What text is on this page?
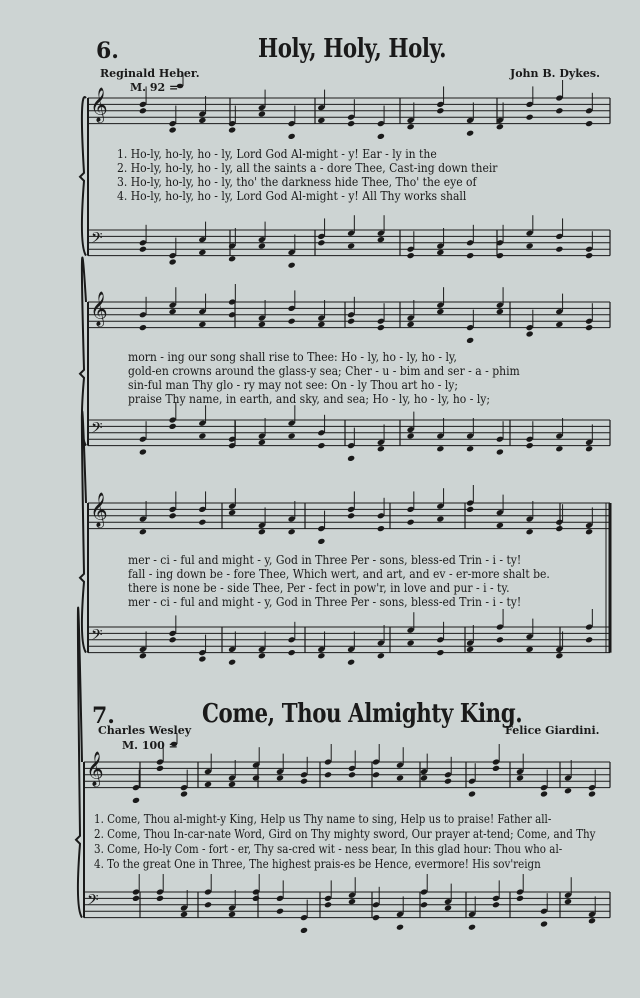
𝄞
𝄢
𝄞
𝄢
𝄞
𝄢
𝄞
𝄢
6.	Holy, Holy, Holy.
Reginald Heber.	John B. Dykes.
M. 92 =
1. Ho-ly, ho-ly, ho - ly, Lord God Al-might - y! Ear - ly in the
2. Ho-ly, ho-ly, ho - ly, all the saints a - dore Thee, Cast-ing down their
3. Ho-ly, ho-ly, ho - ly, tho' the darkness hide Thee, Tho' the eye of
4. Ho-ly, ho-ly, ho - ly, Lord God Al-might - y! All Thy works shall
morn - ing our song shall rise to Thee: Ho - ly, ho - ly, ho - ly,
gold-en crowns around the glass-y sea; Cher - u - bim and ser - a - phim
sin-ful man Thy glo - ry may not see: On - ly Thou art ho - ly;
praise Thy name, in earth, and sky, and sea; Ho - ly, ho - ly, ho - ly;
mer - ci - ful and might - y, God in Three Per - sons, bless-ed Trin - i - ty!
fall - ing down be - fore Thee, Which wert, and art, and ev - er-more shalt be.
there is none be - side Thee, Per - fect in pow'r, in love and pur - i - ty.
mer - ci - ful and might - y, God in Three Per - sons, bless-ed Trin - i - ty!
7.	Come, Thou Almighty King.
Charles Wesley	Felice Giardini.
M. 100 =
1. Come, Thou al-might-y King, Help us Thy name to sing, Help us to praise! Father all-
2. Come, Thou In-car-nate Word, Gird on Thy mighty sword, Our prayer at-tend; Come, and Thy
3. Come, Ho-ly Com - fort - er, Thy sa-cred wit - ness bear, In this glad hour: Thou who al-
4. To the great One in Three, The highest prais-es be Hence, evermore! His sov'reign
